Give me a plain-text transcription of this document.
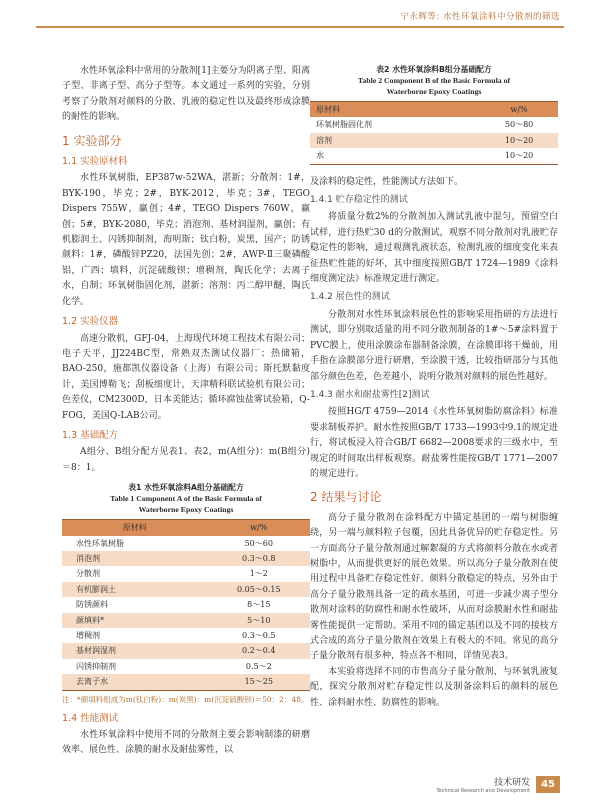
宁永辉等: 水性环氧涂料中分散剂的筛选

水性环氧涂料中常用的分散剂[1]主要分为阴离子型、阳离子型、非离子型、高分子型等。本文通过一系列的实验，分别考察了分散剂对颜料的分散、乳液的稳定性以及最终形成涂膜的耐性的影响。

1 实验部分
1.1 实验原材料

水性环氧树脂，EP387w-52WA，湛新；分散剂：1#，BYK-190，毕克；2#，BYK-2012，毕克；3#，TEGO Dispers 755W，赢创；4#，TEGO Dispers 760W，赢创；5#，BYK-2080，毕克；消泡剂、基材润湿剂，赢创；有机膨润土、闪锈抑制剂，海明斯；钛白粉，炭黑，国产；防锈颜料：1#，磷酸锌PZ20，法国先创；2#，AWP-Ⅱ三聚磷酸铝，广西；填料，沉淀硫酸钡；增稠剂，陶氏化学；去离子水，自制；环氧树脂固化剂，湛新；溶剂：丙二醇甲醚，陶氏化学。

1.2 实验仪器

高速分散机，GFJ-04，上海现代环境工程技术有限公司；电子天平，JJ224BC型，常熟双杰测试仪器厂；热储箱，BAO-250，施都凯仪器设备（上海）有限公司；斯托默黏度计，美国博勒飞；刮板细度计，天津精科联试验机有限公司；色差仪，CM2300D，日本美能达；循环腐蚀盐雾试验箱，Q-FOG，美国Q-LAB公司。

1.3 基础配方

A组分、B组分配方见表1、表2，m(A组分)：m(B组分)＝8：1。

表1 水性环氧涂料A组分基础配方
Table 1 Component A of the Basic Formula of
Waterborne Epoxy Coatings
原材料	w/%
水性环氧树脂	50～60
消泡剂	0.3～0.8
分散剂	1～2
有机膨润土	0.05～0.15
防锈颜料	8～15
颜填料*	5～10
增稠剂	0.3～0.5
基材润湿剂	0.2～0.4
闪锈抑制剂	0.5～2
去离子水	15～25

注：*颜填料组成为m(钛白粉)：m(炭黑)：m(沉淀硫酸钡)＝50：2：48。

1.4 性能测试

水性环氧涂料中使用不同的分散剂主要会影响制漆的研磨效率、展色性、涂膜的耐水及耐盐雾性，以

表2 水性环氧涂料B组分基础配方
Table 2 Component B of the Basic Formula of
Waterborne Epoxy Coatings
原材料	w/%
环氧树脂固化剂	50～80
溶剂	10～20
水	10～20

及涂料的稳定性，性能测试方法如下。

1.4.1 贮存稳定性的测试

将质量分数2%的分散剂加入测试乳液中混匀，预留空白试样，进行热贮30 d的分散测试，观察不同分散剂对乳液贮存稳定性的影响，通过观测乳液状态，检测乳液的细度变化来表征热贮性能的好坏，其中细度按照GB/T 1724—1989《涂料细度测定法》标准规定进行测定。

1.4.2 展色性的测试

分散剂对水性环氧涂料展色性的影响采用指研的方法进行测试，即分别取适量的用不同分散剂制备的1#～5#涂料置于PVC膜上，使用涂膜涂布器制备涂膜，在涂膜即将干燥前，用手指在涂膜部分进行研磨，至涂膜干透，比较指研部分与其他部分颜色色差，色差越小，说明分散剂对颜料的展色性越好。

1.4.3 耐水和耐盐雾性[2]测试

按照HG/T 4759—2014《水性环氧树脂防腐涂料》标准要求制板养护。耐水性按照GB/T 1733—1993中9.1的规定进行，将试板浸入符合GB/T 6682—2008要求的三级水中，至规定的时间取出样板观察。耐盐雾性能按GB/T 1771—2007的规定进行。

2 结果与讨论

高分子量分散剂在涂料配方中锚定基团的一端与树脂缠绕，另一端与颜料粒子包覆，因此具备优异的贮存稳定性。另一方面高分子量分散剂通过解絮凝的方式将颜料分散在水或者树脂中，从而提供更好的展色效果。所以高分子量分散剂在使用过程中具备贮存稳定性好、颜料分散稳定的特点，另外由于高分子量分散剂具备一定的疏水基团，可进一步减少离子型分散剂对涂料的防腐性和耐水性破坏，从而对涂膜耐水性和耐盐雾性能提供一定帮助。采用不同的锚定基团以及不同的接枝方式合成的高分子量分散剂在效果上有极大的不同。常见的高分子量分散剂有很多种，特点各不相同，详情见表3。

本实验将选择不同的市售高分子量分散剂，与环氧乳液复配，探究分散剂对贮存稳定性以及制备涂料后的颜料的展色性、涂料耐水性、防腐性的影响。

技术研发
Technical Research and Development
45
